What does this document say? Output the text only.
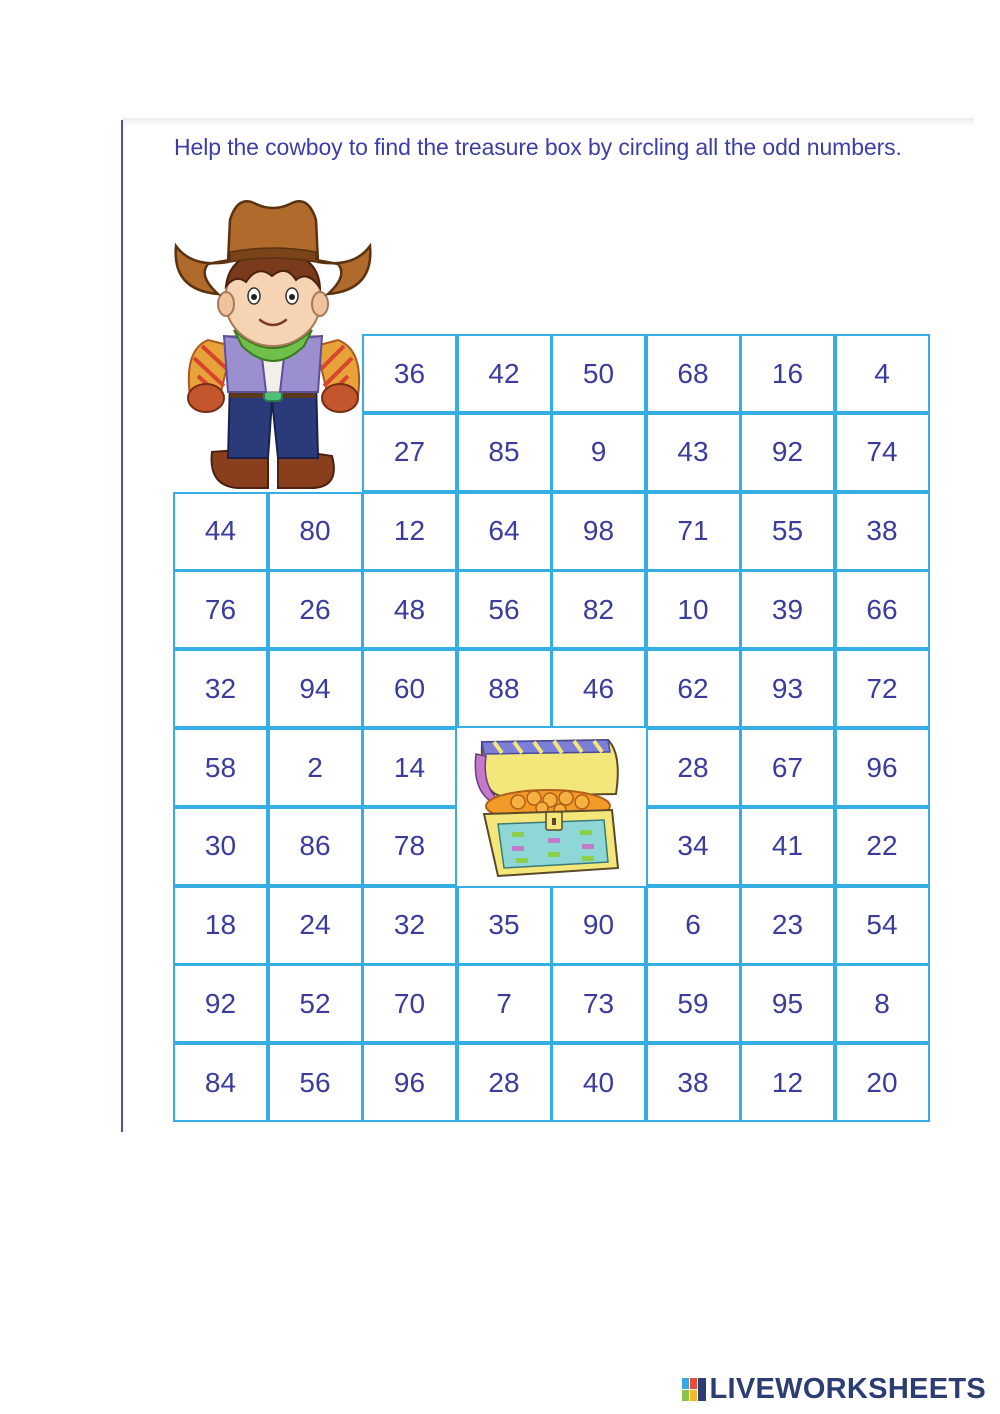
Help the cowboy to find the treasure box by circling all the odd numbers.
36	42	50	68	16	4
27	85	9	43	92	74
44	80	12	64	98	71	55	38
76	26	48	56	82	10	39	66
32	94	60	88	46	62	93	72
58	2	14	28	67	96
30	86	78	34	41	22
18	24	32	35	90	6	23	54
92	52	70	7	73	59	95	8
84	56	96	28	40	38	12	20
LIVEWORKSHEETS
